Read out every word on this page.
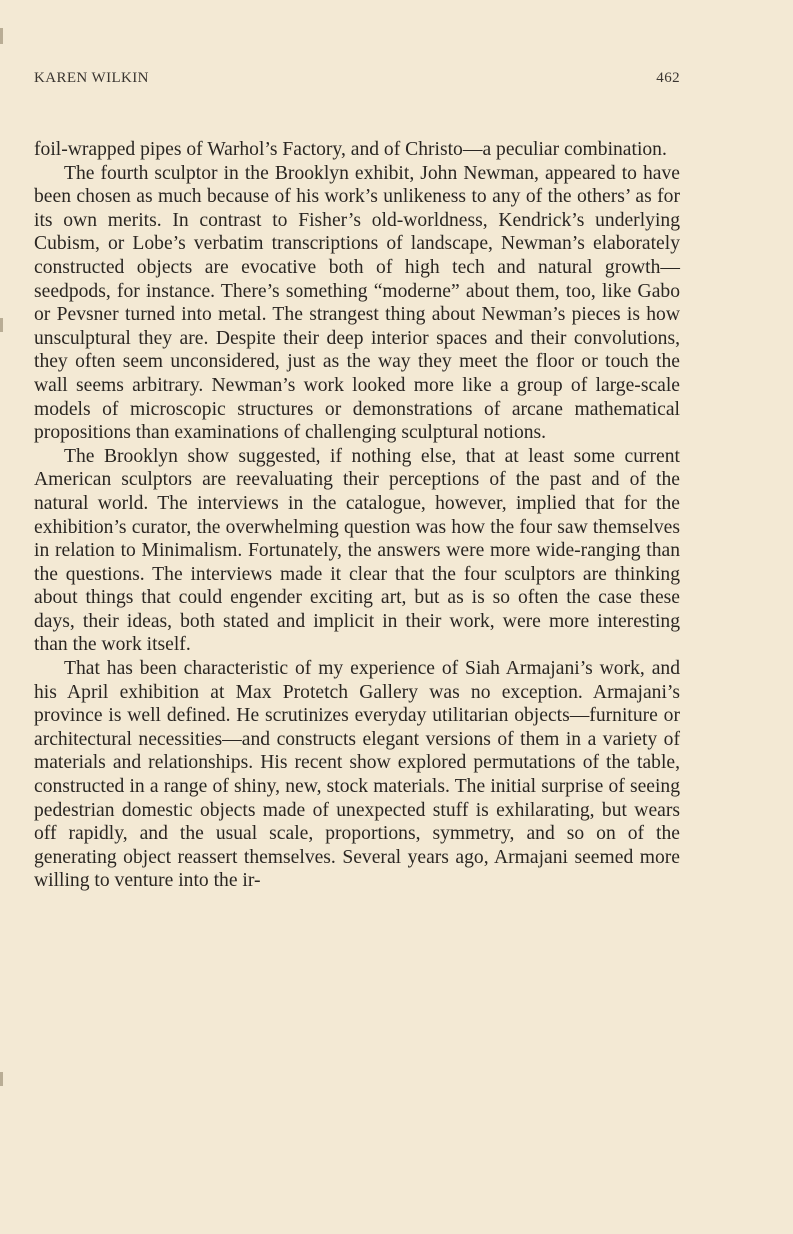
KAREN WILKIN	462

foil-wrapped pipes of Warhol’s Factory, and of Christo—a peculiar combination.

The fourth sculptor in the Brooklyn exhibit, John Newman, appeared to have been chosen as much because of his work’s unlikeness to any of the others’ as for its own merits. In contrast to Fisher’s old-worldness, Kendrick’s underlying Cubism, or Lobe’s verbatim transcriptions of landscape, Newman’s elaborately constructed objects are evocative both of high tech and natural growth—seedpods, for instance. There’s something “moderne” about them, too, like Gabo or Pevsner turned into metal. The strangest thing about Newman’s pieces is how unsculptural they are. Despite their deep interior spaces and their convolutions, they often seem unconsidered, just as the way they meet the floor or touch the wall seems arbitrary. Newman’s work looked more like a group of large-scale models of microscopic structures or demonstrations of arcane mathematical propositions than examinations of challenging sculptural notions.

The Brooklyn show suggested, if nothing else, that at least some current American sculptors are reevaluating their perceptions of the past and of the natural world. The interviews in the catalogue, however, implied that for the exhibition’s curator, the overwhelming question was how the four saw themselves in relation to Minimalism. Fortunately, the answers were more wide-ranging than the questions. The interviews made it clear that the four sculptors are thinking about things that could engender exciting art, but as is so often the case these days, their ideas, both stated and implicit in their work, were more interesting than the work itself.

That has been characteristic of my experience of Siah Armajani’s work, and his April exhibition at Max Protetch Gallery was no exception. Armajani’s province is well defined. He scrutinizes everyday utilitarian objects—furniture or architectural necessities—and constructs elegant versions of them in a variety of materials and relationships. His recent show explored permutations of the table, constructed in a range of shiny, new, stock materials. The initial surprise of seeing pedestrian domestic objects made of unexpected stuff is exhilarating, but wears off rapidly, and the usual scale, proportions, symmetry, and so on of the generating object reassert themselves. Several years ago, Armajani seemed more willing to venture into the ir-
